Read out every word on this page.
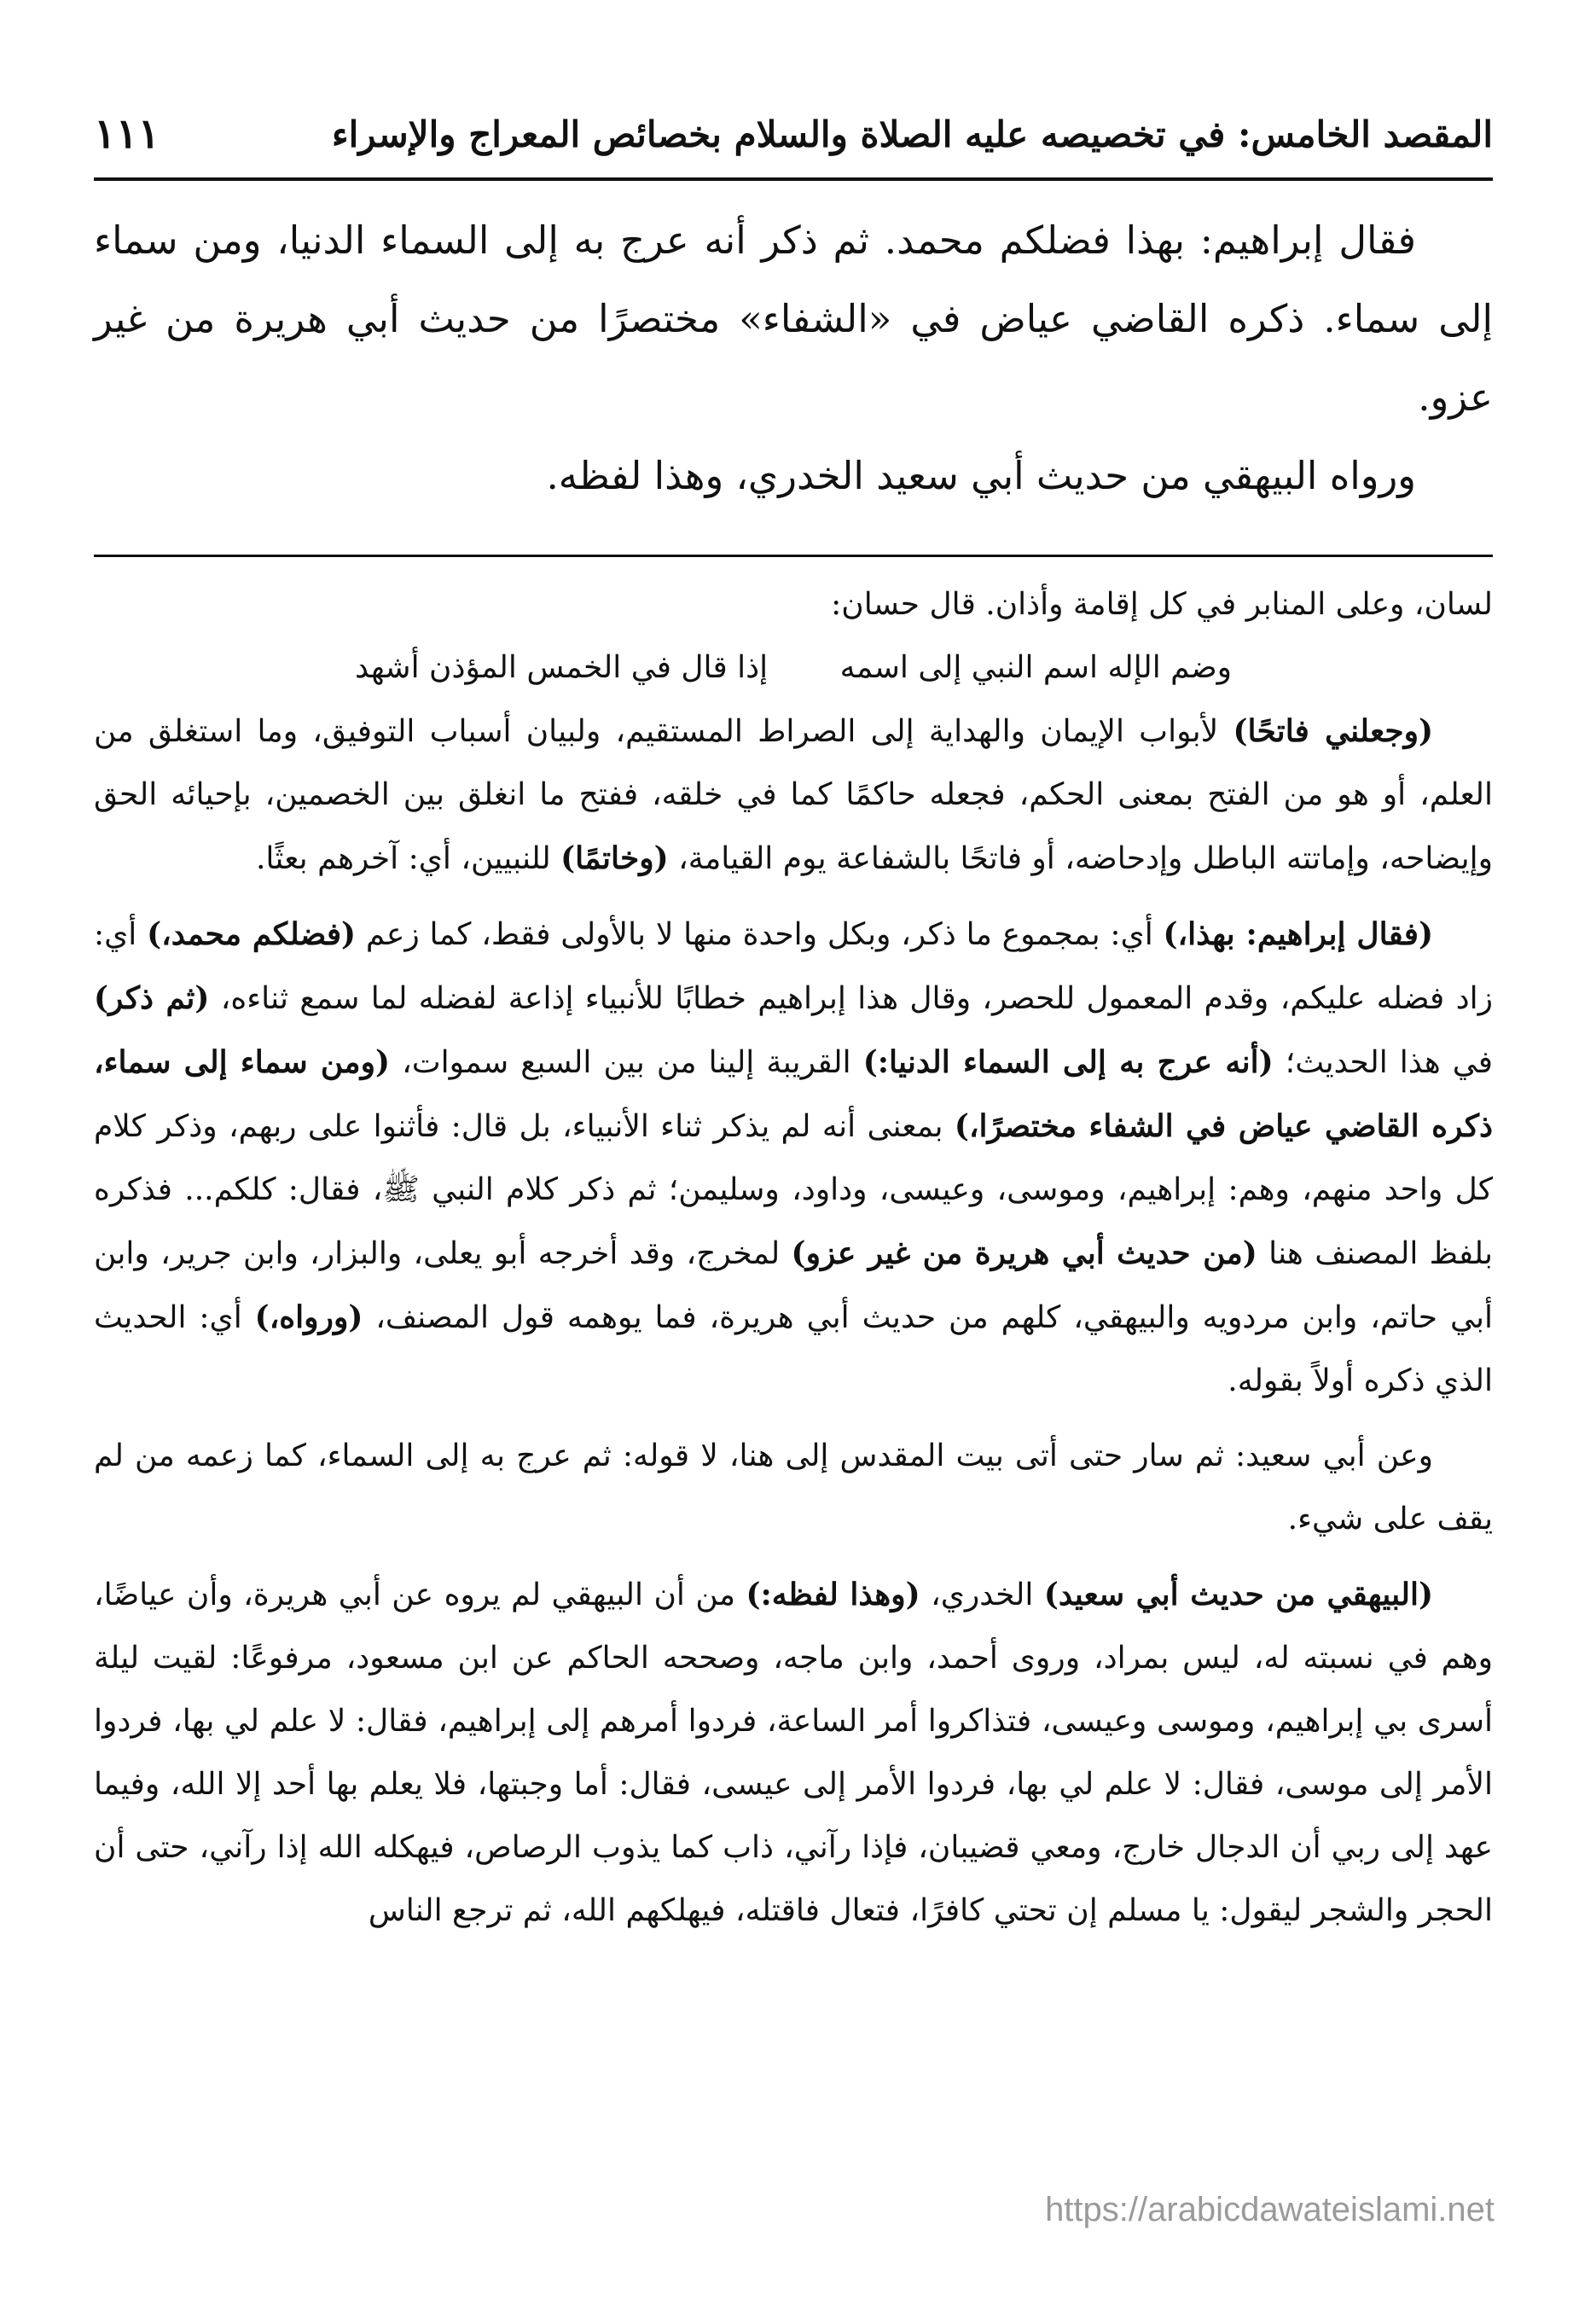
المقصد الخامس: في تخصيصه عليه الصلاة والسلام بخصائص المعراج والإسراء
١١١

فقال إبراهيم: بهذا فضلكم محمد. ثم ذكر أنه عرج به إلى السماء الدنيا، ومن سماء إلى سماء. ذكره القاضي عياض في «الشفاء» مختصرًا من حديث أبي هريرة من غير عزو.

ورواه البيهقي من حديث أبي سعيد الخدري، وهذا لفظه.

لسان، وعلى المنابر في كل إقامة وأذان. قال حسان:

وضم الإله اسم النبي إلى اسمه إذا قال في الخمس المؤذن أشهد

(وجعلني فاتحًا) لأبواب الإيمان والهداية إلى الصراط المستقيم، ولبيان أسباب التوفيق، وما استغلق من العلم، أو هو من الفتح بمعنى الحكم، فجعله حاكمًا كما في خلقه، ففتح ما انغلق بين الخصمين، بإحيائه الحق وإيضاحه، وإماتته الباطل وإدحاضه، أو فاتحًا بالشفاعة يوم القيامة، (وخاتمًا) للنبيين، أي: آخرهم بعثًا.

(فقال إبراهيم: بهذا،) أي: بمجموع ما ذكر، وبكل واحدة منها لا بالأولى فقط، كما زعم (فضلكم محمد،) أي: زاد فضله عليكم، وقدم المعمول للحصر، وقال هذا إبراهيم خطابًا للأنبياء إذاعة لفضله لما سمع ثناءه، (ثم ذكر) في هذا الحديث؛ (أنه عرج به إلى السماء الدنيا:) القريبة إلينا من بين السبع سموات، (ومن سماء إلى سماء، ذكره القاضي عياض في الشفاء مختصرًا،) بمعنى أنه لم يذكر ثناء الأنبياء، بل قال: فأثنوا على ربهم، وذكر كلام كل واحد منهم، وهم: إبراهيم، وموسى، وعيسى، وداود، وسليمن؛ ثم ذكر كلام النبي ﷺ، فقال: كلكم... فذكره بلفظ المصنف هنا (من حديث أبي هريرة من غير عزو) لمخرج، وقد أخرجه أبو يعلى، والبزار، وابن جرير، وابن أبي حاتم، وابن مردويه والبيهقي، كلهم من حديث أبي هريرة، فما يوهمه قول المصنف، (ورواه،) أي: الحديث الذي ذكره أولاً بقوله.

وعن أبي سعيد: ثم سار حتى أتى بيت المقدس إلى هنا، لا قوله: ثم عرج به إلى السماء، كما زعمه من لم يقف على شيء.

(البيهقي من حديث أبي سعيد) الخدري، (وهذا لفظه:) من أن البيهقي لم يروه عن أبي هريرة، وأن عياضًا، وهم في نسبته له، ليس بمراد، وروى أحمد، وابن ماجه، وصححه الحاكم عن ابن مسعود، مرفوعًا: لقيت ليلة أسرى بي إبراهيم، وموسى وعيسى، فتذاكروا أمر الساعة، فردوا أمرهم إلى إبراهيم، فقال: لا علم لي بها، فردوا الأمر إلى موسى، فقال: لا علم لي بها، فردوا الأمر إلى عيسى، فقال: أما وجبتها، فلا يعلم بها أحد إلا الله، وفيما عهد إلى ربي أن الدجال خارج، ومعي قضيبان، فإذا رآني، ذاب كما يذوب الرصاص، فيهكله الله إذا رآني، حتى أن الحجر والشجر ليقول: يا مسلم إن تحتي كافرًا، فتعال فاقتله، فيهلكهم الله، ثم ترجع الناس

https://arabicdawateislami.net
